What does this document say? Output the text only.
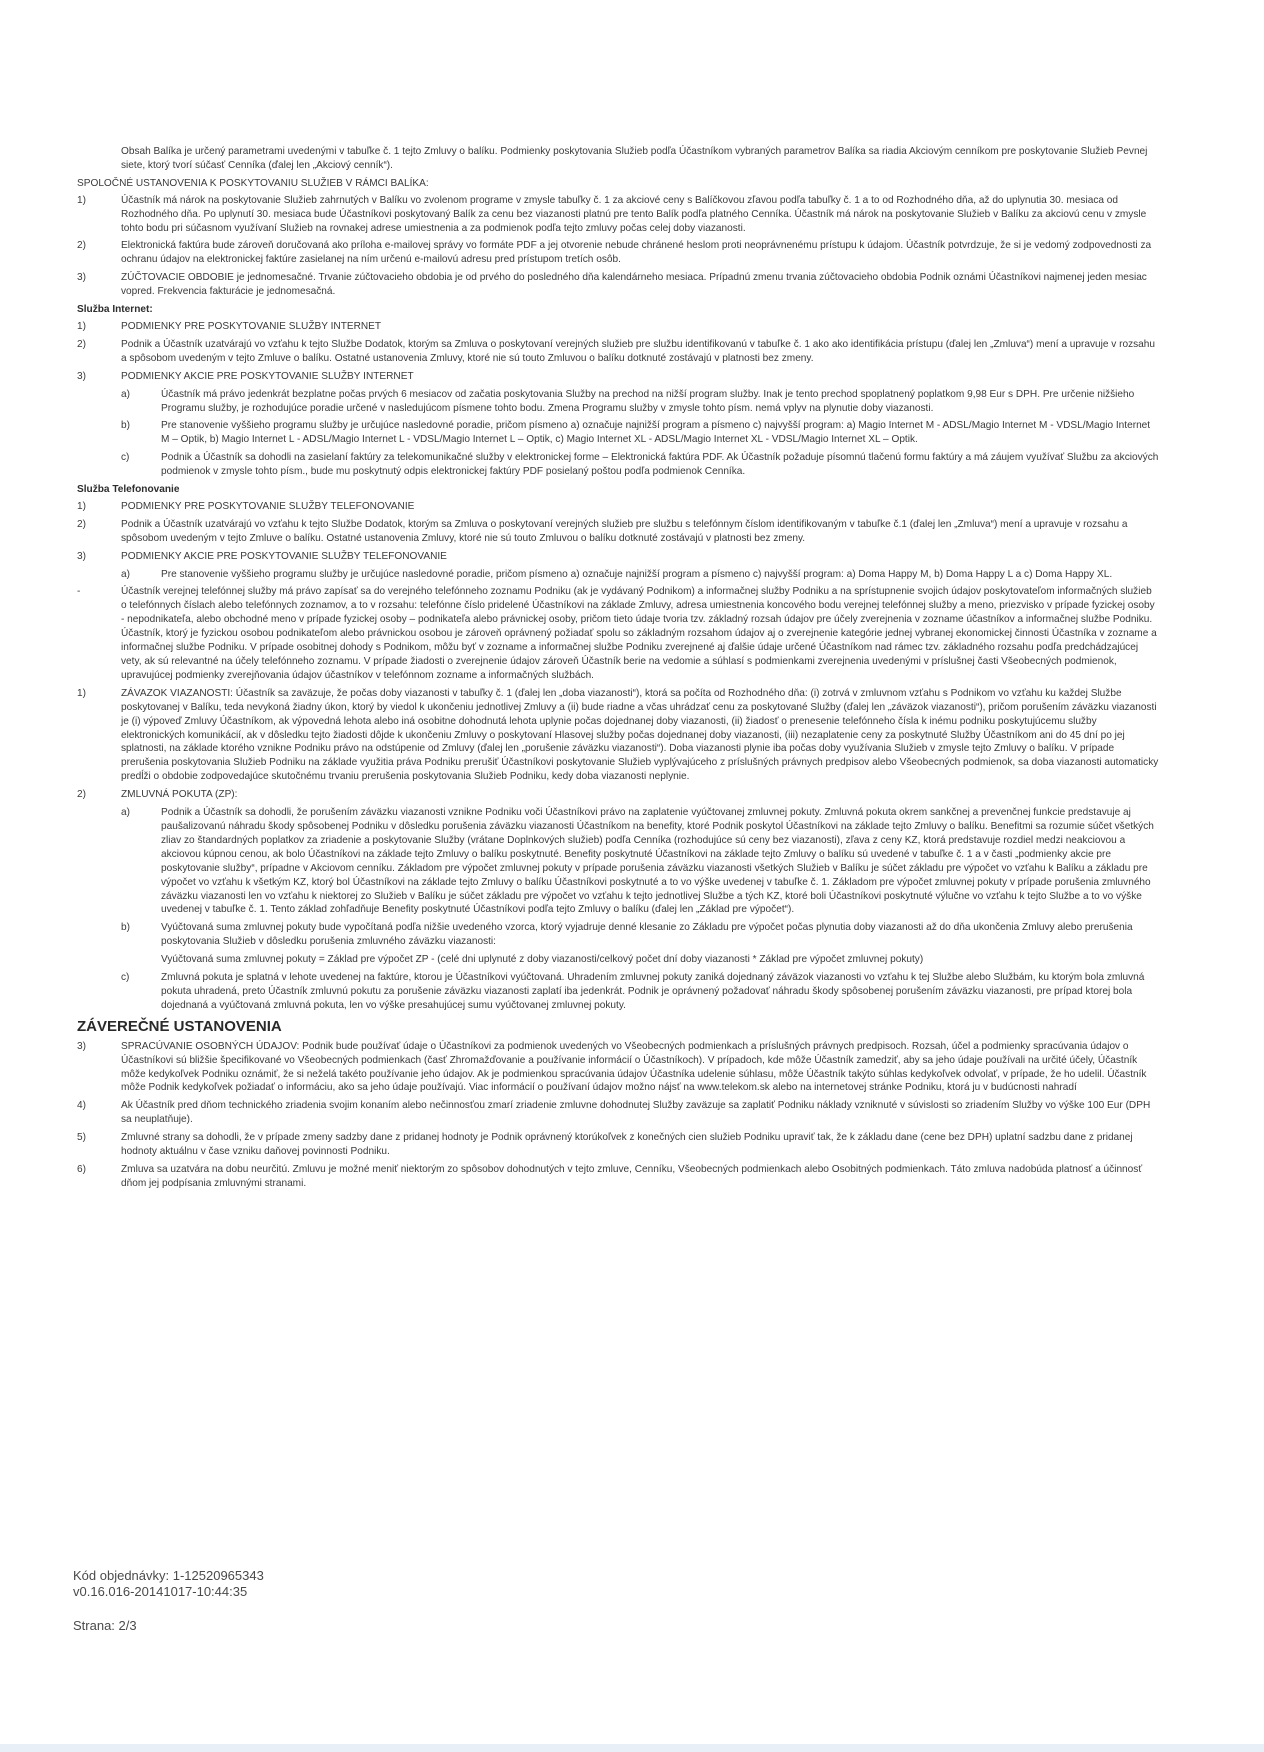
Obsah Balíka je určený parametrami uvedenými v tabuľke č. 1 tejto Zmluvy o balíku. Podmienky poskytovania Služieb podľa Účastníkom vybraných parametrov Balíka sa riadia Akciovým cenníkom pre poskytovanie Služieb Pevnej siete, ktorý tvorí súčasť Cenníka (ďalej len „Akciový cenník“).

SPOLOČNÉ USTANOVENIA K POSKYTOVANIU SLUŽIEB V RÁMCI BALÍKA:
1)	Účastník má nárok na poskytovanie Služieb zahrnutých v Balíku vo zvolenom programe v zmysle tabuľky č. 1 za akciové ceny s Balíčkovou zľavou podľa tabuľky č. 1 a to od Rozhodného dňa, až do uplynutia 30. mesiaca od Rozhodného dňa. Po uplynutí 30. mesiaca bude Účastníkovi poskytovaný Balík za cenu bez viazanosti platnú pre tento Balík podľa platného Cenníka. Účastník má nárok na poskytovanie Služieb v Balíku za akciovú cenu v zmysle tohto bodu pri súčasnom využívaní Služieb na rovnakej adrese umiestnenia a za podmienok podľa tejto zmluvy počas celej doby viazanosti.
2)	Elektronická faktúra bude zároveň doručovaná ako príloha e-mailovej správy vo formáte PDF a jej otvorenie nebude chránené heslom proti neoprávnenému prístupu k údajom. Účastník potvrdzuje, že si je vedomý zodpovednosti za ochranu údajov na elektronickej faktúre zasielanej na ním určenú e-mailovú adresu pred prístupom tretích osôb.
3)	ZÚČTOVACIE OBDOBIE je jednomesačné. Trvanie zúčtovacieho obdobia je od prvého do posledného dňa kalendárneho mesiaca. Prípadnú zmenu trvania zúčtovacieho obdobia Podnik oznámi Účastníkovi najmenej jeden mesiac vopred. Frekvencia fakturácie je jednomesačná.
Služba Internet:
1)	PODMIENKY PRE POSKYTOVANIE SLUŽBY INTERNET
2)	Podnik a Účastník uzatvárajú vo vzťahu k tejto Službe Dodatok, ktorým sa Zmluva o poskytovaní verejných služieb pre službu identifikovanú v tabuľke č. 1 ako ako identifikácia prístupu (ďalej len „Zmluva“) mení a upravuje v rozsahu a spôsobom uvedeným v tejto Zmluve o balíku. Ostatné ustanovenia Zmluvy, ktoré nie sú touto Zmluvou o balíku dotknuté zostávajú v platnosti bez zmeny.
3)	PODMIENKY AKCIE PRE POSKYTOVANIE SLUŽBY INTERNET
a)	Účastník má právo jedenkrát bezplatne počas prvých 6 mesiacov od začatia poskytovania Služby na prechod na nižší program služby. Inak je tento prechod spoplatnený poplatkom 9,98 Eur s DPH. Pre určenie nižšieho Programu služby, je rozhodujúce poradie určené v nasledujúcom písmene tohto bodu. Zmena Programu služby v zmysle tohto písm. nemá vplyv na plynutie doby viazanosti.
b)	Pre stanovenie vyššieho programu služby je určujúce nasledovné poradie, pričom písmeno a) označuje najnižší program a písmeno c) najvyšší program: a) Magio Internet M - ADSL/Magio Internet M - VDSL/Magio Internet M – Optik, b) Magio Internet L - ADSL/Magio Internet L - VDSL/Magio Internet L – Optik, c) Magio Internet XL - ADSL/Magio Internet XL - VDSL/Magio Internet XL – Optik.
c)	Podnik a Účastník sa dohodli na zasielaní faktúry za telekomunikačné služby v elektronickej forme – Elektronická faktúra PDF. Ak Účastník požaduje písomnú tlačenú formu faktúry a má záujem využívať Službu za akciových podmienok v zmysle tohto písm., bude mu poskytnutý odpis elektronickej faktúry PDF posielaný poštou podľa podmienok Cenníka.
Služba Telefonovanie
1)	PODMIENKY PRE POSKYTOVANIE SLUŽBY TELEFONOVANIE
2)	Podnik a Účastník uzatvárajú vo vzťahu k tejto Službe Dodatok, ktorým sa Zmluva o poskytovaní verejných služieb pre službu s telefónnym číslom identifikovaným v tabuľke č.1 (ďalej len „Zmluva“) mení a upravuje v rozsahu a spôsobom uvedeným v tejto Zmluve o balíku. Ostatné ustanovenia Zmluvy, ktoré nie sú touto Zmluvou o balíku dotknuté zostávajú v platnosti bez zmeny.
3)	PODMIENKY AKCIE PRE POSKYTOVANIE SLUŽBY TELEFONOVANIE
a)	Pre stanovenie vyššieho programu služby je určujúce nasledovné poradie, pričom písmeno a) označuje najnižší program a písmeno c) najvyšší program: a) Doma Happy M, b) Doma Happy L a c) Doma Happy XL.
-	Účastník verejnej telefónnej služby má právo zapísať sa do verejného telefónneho zoznamu Podniku (ak je vydávaný Podnikom) a informačnej služby Podniku a na sprístupnenie svojich údajov poskytovateľom informačných služieb o telefónnych číslach alebo telefónnych zoznamov, a to v rozsahu: telefónne číslo pridelené Účastníkovi na základe Zmluvy, adresa umiestnenia koncového bodu verejnej telefónnej služby a meno, priezvisko v prípade fyzickej osoby - nepodnikateľa, alebo obchodné meno v prípade fyzickej osoby – podnikateľa alebo právnickej osoby, pričom tieto údaje tvoria tzv. základný rozsah údajov pre účely zverejnenia v zozname účastníkov a informačnej službe Podniku. Účastník, ktorý je fyzickou osobou podnikateľom alebo právnickou osobou je zároveň oprávnený požiadať spolu so základným rozsahom údajov aj o zverejnenie kategórie jednej vybranej ekonomickej činnosti Účastníka v zozname a informačnej službe Podniku. V prípade osobitnej dohody s Podnikom, môžu byť v zozname a informačnej službe Podniku zverejnené aj ďalšie údaje určené Účastníkom nad rámec tzv. základného rozsahu podľa predchádzajúcej vety, ak sú relevantné na účely telefónneho zoznamu. V prípade žiadosti o zverejnenie údajov zároveň Účastník berie na vedomie a súhlasí s podmienkami zverejnenia uvedenými v príslušnej časti Všeobecných podmienok, upravujúcej podmienky zverejňovania údajov účastníkov v telefónnom zozname a informačných službách.
1)	ZÁVAZOK VIAZANOSTI: Účastník sa zaväzuje, že počas doby viazanosti v tabuľky č. 1 (ďalej len „doba viazanosti“), ktorá sa počíta od Rozhodného dňa: (i) zotrvá v zmluvnom vzťahu s Podnikom vo vzťahu ku každej Službe poskytovanej v Balíku, teda nevykoná žiadny úkon, ktorý by viedol k ukončeniu jednotlivej Zmluvy a (ii) bude riadne a včas uhrádzať cenu za poskytované Služby (ďalej len „záväzok viazanosti“), pričom porušením záväzku viazanosti je (i) výpoveď Zmluvy Účastníkom, ak výpovedná lehota alebo iná osobitne dohodnutá lehota uplynie počas dojednanej doby viazanosti, (ii) žiadosť o prenesenie telefónneho čísla k inému podniku poskytujúcemu služby elektronických komunikácií, ak v dôsledku tejto žiadosti dôjde k ukončeniu Zmluvy o poskytovaní Hlasovej služby počas dojednanej doby viazanosti, (iii) nezaplatenie ceny za poskytnuté Služby Účastníkom ani do 45 dní po jej splatnosti, na základe ktorého vznikne Podniku právo na odstúpenie od Zmluvy (ďalej len „porušenie záväzku viazanosti“). Doba viazanosti plynie iba počas doby využívania Služieb v zmysle tejto Zmluvy o balíku. V prípade prerušenia poskytovania Služieb Podniku na základe využitia práva Podniku prerušiť Účastníkovi poskytovanie Služieb vyplývajúceho z príslušných právnych predpisov alebo Všeobecných podmienok, sa doba viazanosti automaticky predĺži o obdobie zodpovedajúce skutočnému trvaniu prerušenia poskytovania Služieb Podniku, kedy doba viazanosti neplynie.
2)	ZMLUVNÁ POKUTA (ZP):
a)	Podnik a Účastník sa dohodli, že porušením záväzku viazanosti vznikne Podniku voči Účastníkovi právo na zaplatenie vyúčtovanej zmluvnej pokuty. Zmluvná pokuta okrem sankčnej a prevenčnej funkcie predstavuje aj paušalizovanú náhradu škody spôsobenej Podniku v dôsledku porušenia záväzku viazanosti Účastníkom na benefity, ktoré Podnik poskytol Účastníkovi na základe tejto Zmluvy o balíku. Benefitmi sa rozumie súčet všetkých zliav zo štandardných poplatkov za zriadenie a poskytovanie Služby (vrátane Doplnkových služieb) podľa Cenníka (rozhodujúce sú ceny bez viazanosti), zľava z ceny KZ, ktorá predstavuje rozdiel medzi neakciovou a akciovou kúpnou cenou, ak bolo Účastníkovi na základe tejto Zmluvy o balíku poskytnuté. Benefity poskytnuté Účastníkovi na základe tejto Zmluvy o balíku sú uvedené v tabuľke č. 1 a v časti „podmienky akcie pre poskytovanie služby“, prípadne v Akciovom cenníku. Základom pre výpočet zmluvnej pokuty v prípade porušenia záväzku viazanosti všetkých Služieb v Balíku je súčet základu pre výpočet vo vzťahu k Balíku a základu pre výpočet vo vzťahu k všetkým KZ, ktorý bol Účastníkovi na základe tejto Zmluvy o balíku Účastníkovi poskytnuté a to vo výške uvedenej v tabuľke č. 1. Základom pre výpočet zmluvnej pokuty v prípade porušenia zmluvného záväzku viazanosti len vo vzťahu k niektorej zo Služieb v Balíku je súčet základu pre výpočet vo vzťahu k tejto jednotlivej Službe a tých KZ, ktoré boli Účastníkovi poskytnuté výlučne vo vzťahu k tejto Službe a to vo výške uvedenej v tabuľke č. 1. Tento základ zohľadňuje Benefity poskytnuté Účastníkovi podľa tejto Zmluvy o balíku (ďalej len „Základ pre výpočet“).
b)	Vyúčtovaná suma zmluvnej pokuty bude vypočítaná podľa nižšie uvedeného vzorca, ktorý vyjadruje denné klesanie zo Základu pre výpočet počas plynutia doby viazanosti až do dňa ukončenia Zmluvy alebo prerušenia poskytovania Služieb v dôsledku porušenia zmluvného záväzku viazanosti:
Vyúčtovaná suma zmluvnej pokuty = Základ pre výpočet ZP - (celé dni uplynuté z doby viazanosti/celkový počet dní doby viazanosti * Základ pre výpočet zmluvnej pokuty)
c)	Zmluvná pokuta je splatná v lehote uvedenej na faktúre, ktorou je Účastníkovi vyúčtovaná. Uhradením zmluvnej pokuty zaniká dojednaný záväzok viazanosti vo vzťahu k tej Službe alebo Službám, ku ktorým bola zmluvná pokuta uhradená, preto Účastník zmluvnú pokutu za porušenie záväzku viazanosti zaplatí iba jedenkrát. Podnik je oprávnený požadovať náhradu škody spôsobenej porušením záväzku viazanosti, pre prípad ktorej bola dojednaná a vyúčtovaná zmluvná pokuta, len vo výške presahujúcej sumu vyúčtovanej zmluvnej pokuty.
ZÁVEREČNÉ USTANOVENIA
3)	SPRACÚVANIE OSOBNÝCH ÚDAJOV: Podnik bude používať údaje o Účastníkovi za podmienok uvedených vo Všeobecných podmienkach a príslušných právnych predpisoch. Rozsah, účel a podmienky spracúvania údajov o Účastníkovi sú bližšie špecifikované vo Všeobecných podmienkach (časť Zhromažďovanie a používanie informácií o Účastníkoch). V prípadoch, kde môže Účastník zamedziť, aby sa jeho údaje používali na určité účely, Účastník môže kedykoľvek Podniku oznámiť, že si neželá takéto používanie jeho údajov. Ak je podmienkou spracúvania údajov Účastníka udelenie súhlasu, môže Účastník takýto súhlas kedykoľvek odvolať, v prípade, že ho udelil. Účastník môže Podnik kedykoľvek požiadať o informáciu, ako sa jeho údaje používajú. Viac informácií o používaní údajov možno nájsť na www.telekom.sk alebo na internetovej stránke Podniku, ktorá ju v budúcnosti nahradí
4)	Ak Účastník pred dňom technického zriadenia svojim konaním alebo nečinnosťou zmarí zriadenie zmluvne dohodnutej Služby zaväzuje sa zaplatiť Podniku náklady vzniknuté v súvislosti so zriadením Služby vo výške 100 Eur (DPH sa neuplatňuje).
5)	Zmluvné strany sa dohodli, že v prípade zmeny sadzby dane z pridanej hodnoty je Podnik oprávnený ktorúkoľvek z konečných cien služieb Podniku upraviť tak, že k základu dane (cene bez DPH) uplatní sadzbu dane z pridanej hodnoty aktuálnu v čase vzniku daňovej povinnosti Podniku.
6)	Zmluva sa uzatvára na dobu neurčitú. Zmluvu je možné meniť niektorým zo spôsobov dohodnutých v tejto zmluve, Cenníku, Všeobecných podmienkach alebo Osobitných podmienkach. Táto zmluva nadobúda platnosť a účinnosť dňom jej podpísania zmluvnými stranami.
Kód objednávky: 1-12520965343
v0.16.016-20141017-10:44:35
Strana: 2/3
